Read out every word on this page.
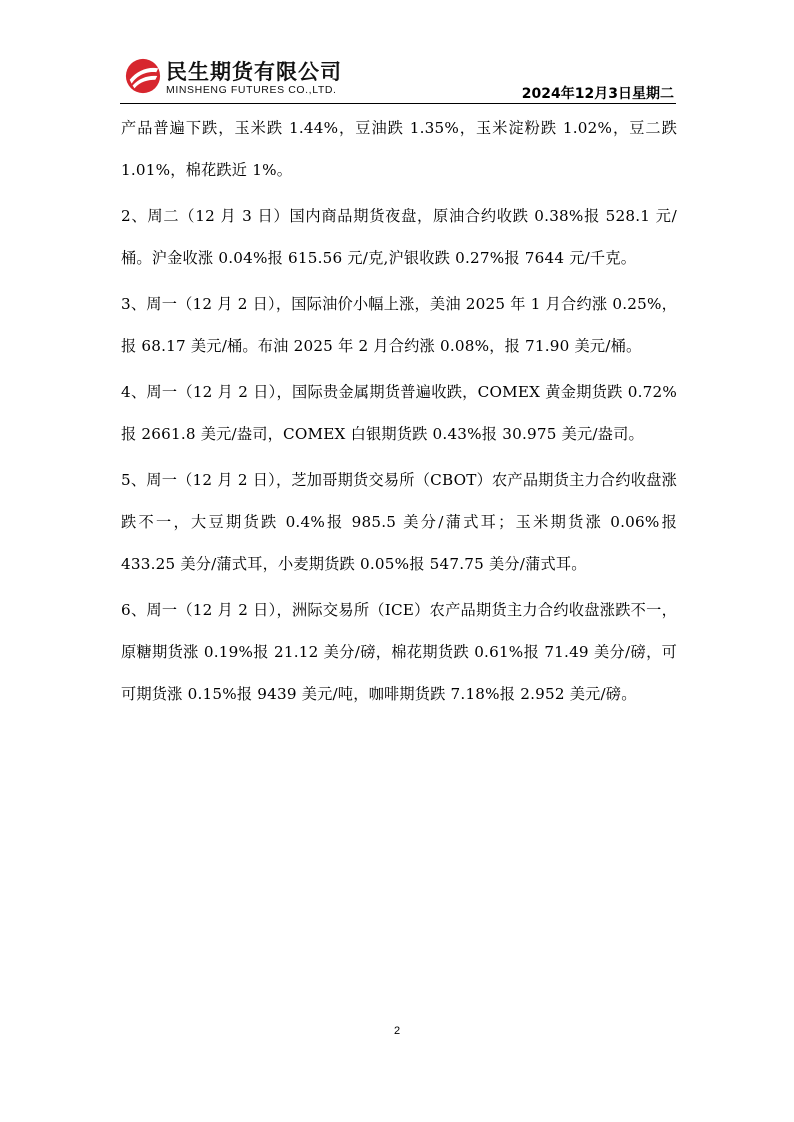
民生期货有限公司
MINSHENG FUTURES CO.,LTD.	2024年12月3日星期二

产品普遍下跌，玉米跌 1.44%，豆油跌 1.35%，玉米淀粉跌 1.02%，豆二跌 1.01%，棉花跌近 1%。

2、周二（12 月 3 日）国内商品期货夜盘，原油合约收跌 0.38%报 528.1 元/桶。沪金收涨 0.04%报 615.56 元/克,沪银收跌 0.27%报 7644 元/千克。

3、周一（12 月 2 日），国际油价小幅上涨，美油 2025 年 1 月合约涨 0.25%，报 68.17 美元/桶。布油 2025 年 2 月合约涨 0.08%，报 71.90 美元/桶。

4、周一（12 月 2 日），国际贵金属期货普遍收跌，COMEX 黄金期货跌 0.72%报 2661.8 美元/盎司，COMEX 白银期货跌 0.43%报 30.975 美元/盎司。

5、周一（12 月 2 日），芝加哥期货交易所（CBOT）农产品期货主力合约收盘涨跌不一，大豆期货跌 0.4%报 985.5 美分/蒲式耳；玉米期货涨 0.06%报 433.25 美分/蒲式耳，小麦期货跌 0.05%报 547.75 美分/蒲式耳。

6、周一（12 月 2 日），洲际交易所（ICE）农产品期货主力合约收盘涨跌不一，原糖期货涨 0.19%报 21.12 美分/磅，棉花期货跌 0.61%报 71.49 美分/磅，可可期货涨 0.15%报 9439 美元/吨，咖啡期货跌 7.18%报 2.952 美元/磅。

2
